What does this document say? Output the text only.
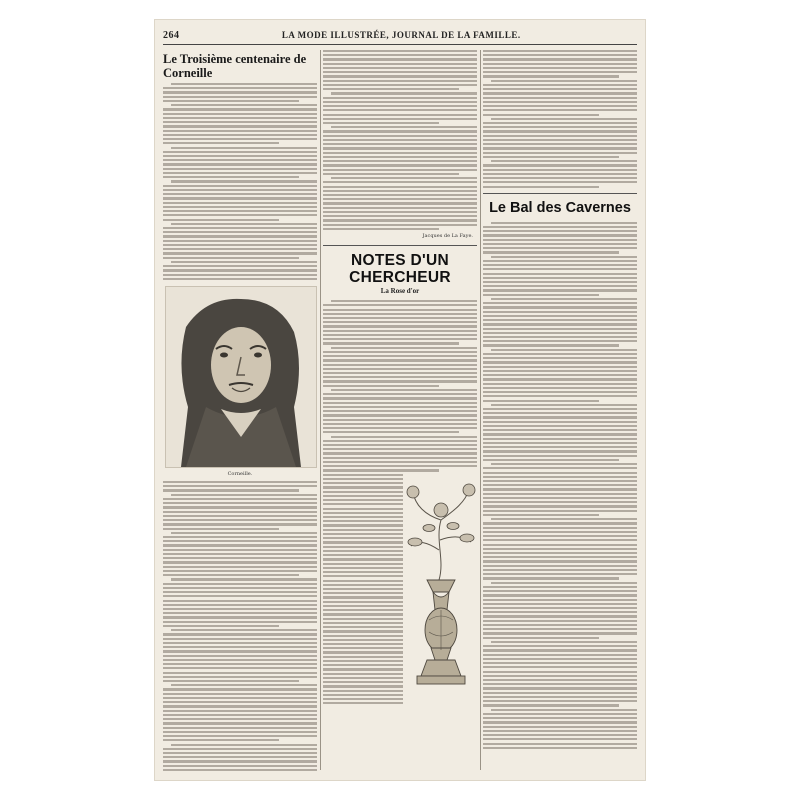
264	LA MODE ILLUSTRÉE, JOURNAL DE LA FAMILLE.
Le Troisième centenaire de Corneille
Corneille.
Jacques de La Faye.
NOTES D'UN CHERCHEUR
La Rose d'or
Le Bal des Cavernes
